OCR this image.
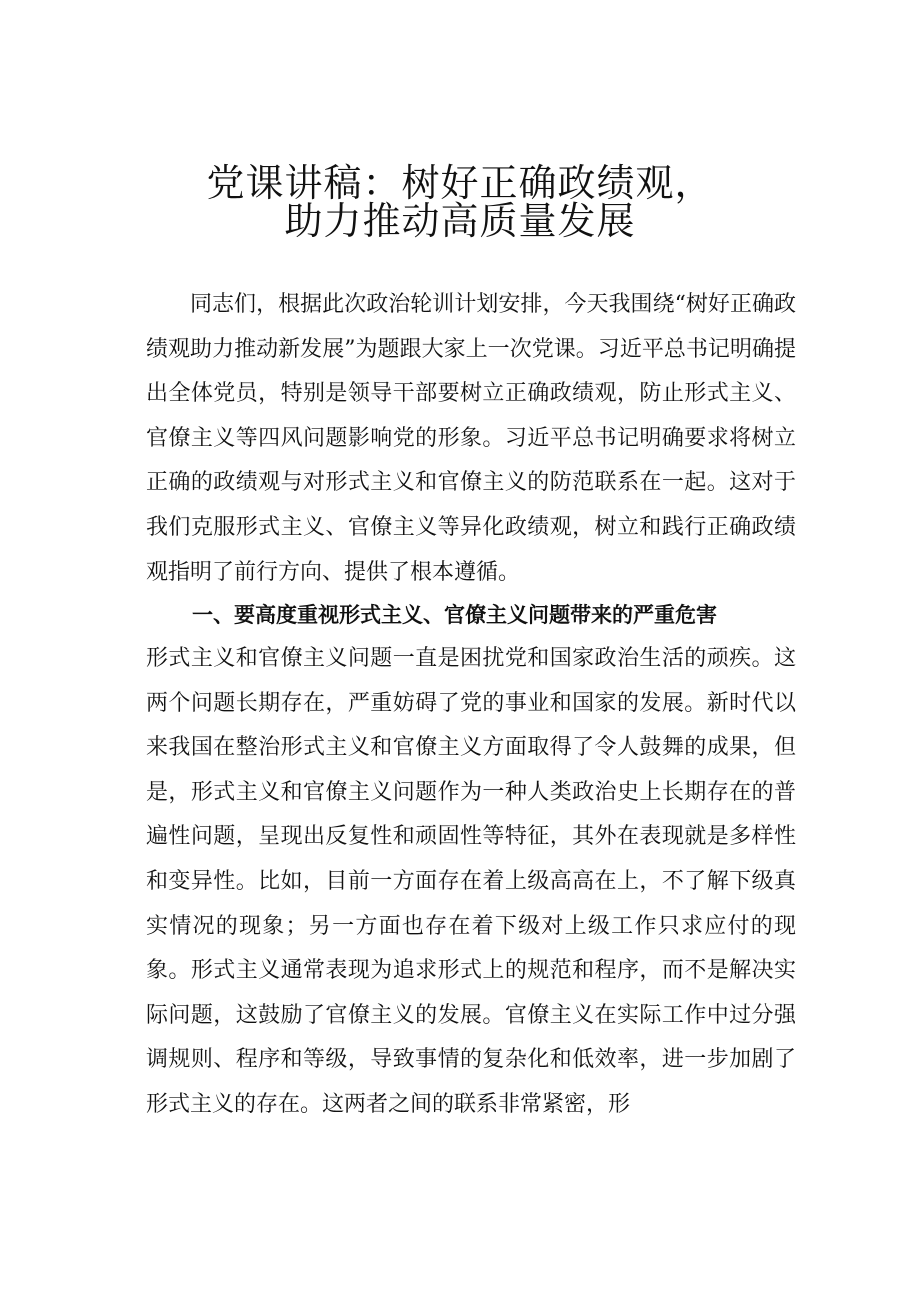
党课讲稿：树好正确政绩观，
助力推动高质量发展

同志们，根据此次政治轮训计划安排，今天我围绕“树好正确政绩观助力推动新发展”为题跟大家上一次党课。习近平总书记明确提出全体党员，特别是领导干部要树立正确政绩观，防止形式主义、官僚主义等四风问题影响党的形象。习近平总书记明确要求将树立正确的政绩观与对形式主义和官僚主义的防范联系在一起。这对于我们克服形式主义、官僚主义等异化政绩观，树立和践行正确政绩观指明了前行方向、提供了根本遵循。

一、要高度重视形式主义、官僚主义问题带来的严重危害

形式主义和官僚主义问题一直是困扰党和国家政治生活的顽疾。这两个问题长期存在，严重妨碍了党的事业和国家的发展。新时代以来我国在整治形式主义和官僚主义方面取得了令人鼓舞的成果，但是，形式主义和官僚主义问题作为一种人类政治史上长期存在的普遍性问题，呈现出反复性和顽固性等特征，其外在表现就是多样性和变异性。比如，目前一方面存在着上级高高在上，不了解下级真实情况的现象；另一方面也存在着下级对上级工作只求应付的现象。形式主义通常表现为追求形式上的规范和程序，而不是解决实际问题，这鼓励了官僚主义的发展。官僚主义在实际工作中过分强调规则、程序和等级，导致事情的复杂化和低效率，进一步加剧了形式主义的存在。这两者之间的联系非常紧密，形
